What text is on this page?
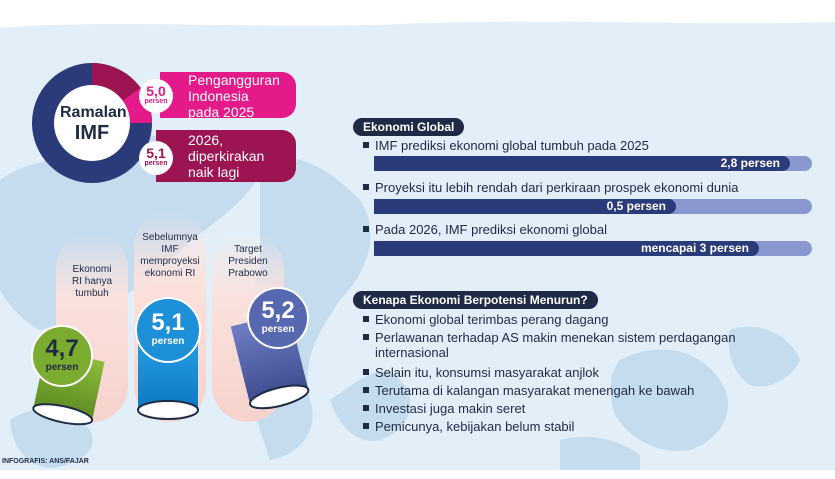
Ramalan
IMF
5,0
persen
Pengangguran
Indonesia
pada 2025
5,1
persen
2026,
diperkirakan
naik lagi
Ekonomi
RI hanya
tumbuh
Sebelumnya
IMF
memproyeksi
ekonomi RI
Target
Presiden
Prabowo
4,7
persen
5,1
persen
5,2
persen
Ekonomi Global
IMF prediksi ekonomi global tumbuh pada 2025
2,8 persen
Proyeksi itu lebih rendah dari perkiraan prospek ekonomi dunia
0,5 persen
Pada 2026, IMF prediksi ekonomi global
mencapai 3 persen
Kenapa Ekonomi Berpotensi Menurun?
Ekonomi global terimbas perang dagang
Perlawanan terhadap AS makin menekan sistem perdagangan
internasional
Selain itu, konsumsi masyarakat anjlok
Terutama di kalangan masyarakat menengah ke bawah
Investasi juga makin seret
Pemicunya, kebijakan belum stabil
INFOGRAFIS: ANS/FAJAR
